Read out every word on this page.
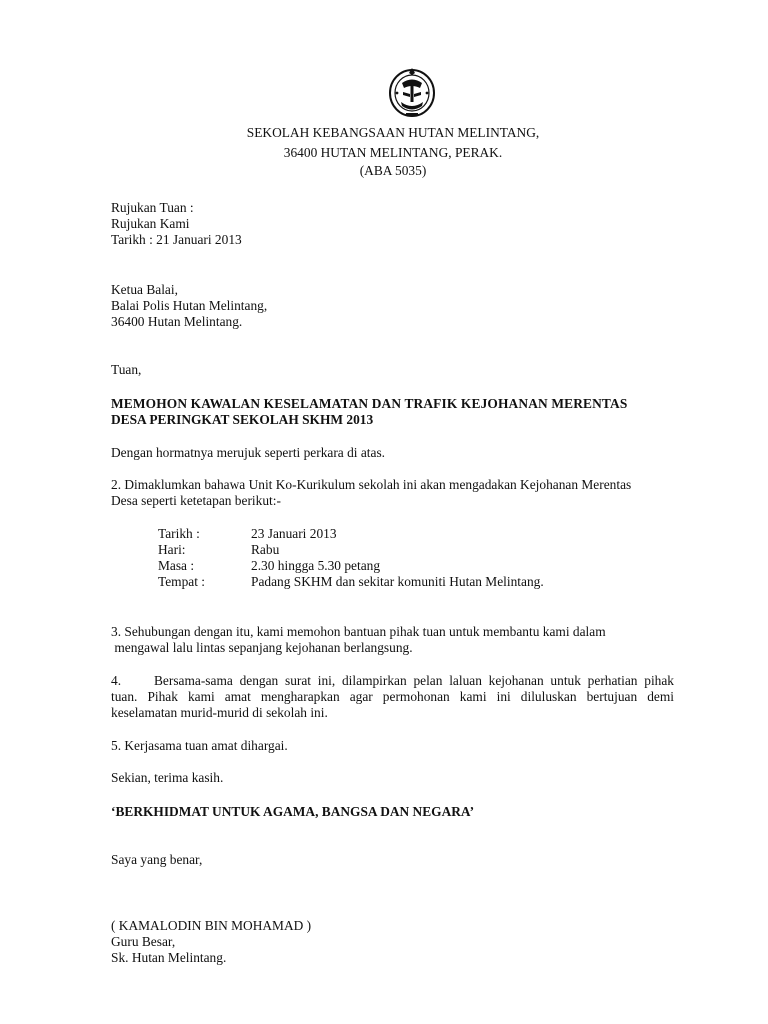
SEKOLAH KEBANGSAAN HUTAN MELINTANG,
36400 HUTAN MELINTANG, PERAK.
(ABA 5035)
Rujukan Tuan :
Rujukan Kami
Tarikh : 21 Januari 2013
Ketua Balai,
Balai Polis Hutan Melintang,
36400 Hutan Melintang.
Tuan,
MEMOHON KAWALAN KESELAMATAN DAN TRAFIK KEJOHANAN MERENTAS
DESA PERINGKAT SEKOLAH SKHM 2013
Dengan hormatnya merujuk seperti perkara di atas.
2. Dimaklumkan bahawa Unit Ko-Kurikulum sekolah ini akan mengadakan Kejohanan Merentas
Desa seperti ketetapan berikut:-
Tarikh :	23 Januari 2013
Hari:	Rabu
Masa :	2.30 hingga 5.30 petang
Tempat :	Padang SKHM dan sekitar komuniti Hutan Melintang.
3. Sehubungan dengan itu, kami memohon bantuan pihak tuan untuk membantu kami dalam
mengawal lalu lintas sepanjang kejohanan berlangsung.
4. Bersama-sama dengan surat ini, dilampirkan pelan laluan kejohanan untuk perhatian pihak
tuan. Pihak kami amat mengharapkan agar permohonan kami ini diluluskan bertujuan demi
keselamatan murid-murid di sekolah ini.
5. Kerjasama tuan amat dihargai.
Sekian, terima kasih.
‘BERKHIDMAT UNTUK AGAMA, BANGSA DAN NEGARA’
Saya yang benar,
( KAMALODIN BIN MOHAMAD )
Guru Besar,
Sk. Hutan Melintang.
